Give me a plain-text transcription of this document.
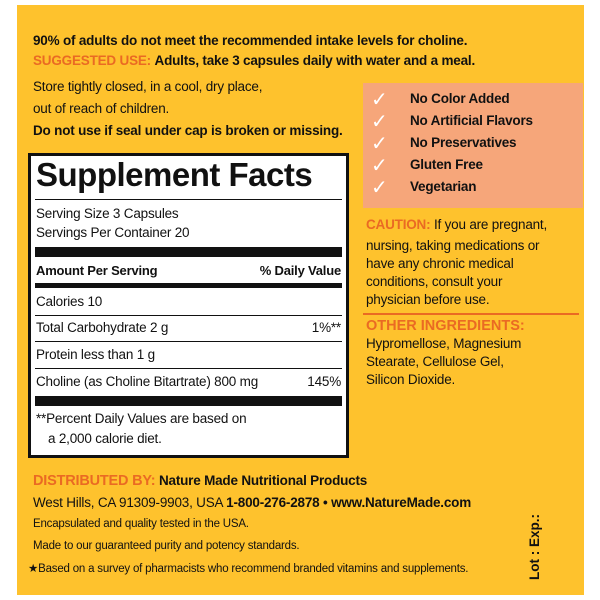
90% of adults do not meet the recommended intake levels for choline.
SUGGESTED USE: Adults, take 3 capsules daily with water and a meal.
Store tightly closed, in a cool, dry place,
out of reach of children.
Do not use if seal under cap is broken or missing.
✓ No Color Added
✓ No Artificial Flavors
✓ No Preservatives
✓ Gluten Free
✓ Vegetarian
CAUTION: If you are pregnant,
nursing, taking medications or
have any chronic medical
conditions, consult your
physician before use.
OTHER INGREDIENTS:
Hypromellose, Magnesium
Stearate, Cellulose Gel,
Silicon Dioxide.
Supplement Facts
Serving Size 3 Capsules
Servings Per Container 20
Amount Per Serving	% Daily Value
Calories 10
Total Carbohydrate 2 g	1%**
Protein less than 1 g
Choline (as Choline Bitartrate) 800 mg	145%
**Percent Daily Values are based on
a 2,000 calorie diet.
DISTRIBUTED BY: Nature Made Nutritional Products
West Hills, CA 91309-9903, USA 1-800-276-2878 • www.NatureMade.com
Encapsulated and quality tested in the USA.
Made to our guaranteed purity and potency standards.
★Based on a survey of pharmacists who recommend branded vitamins and supplements.	Lot : Exp.:
